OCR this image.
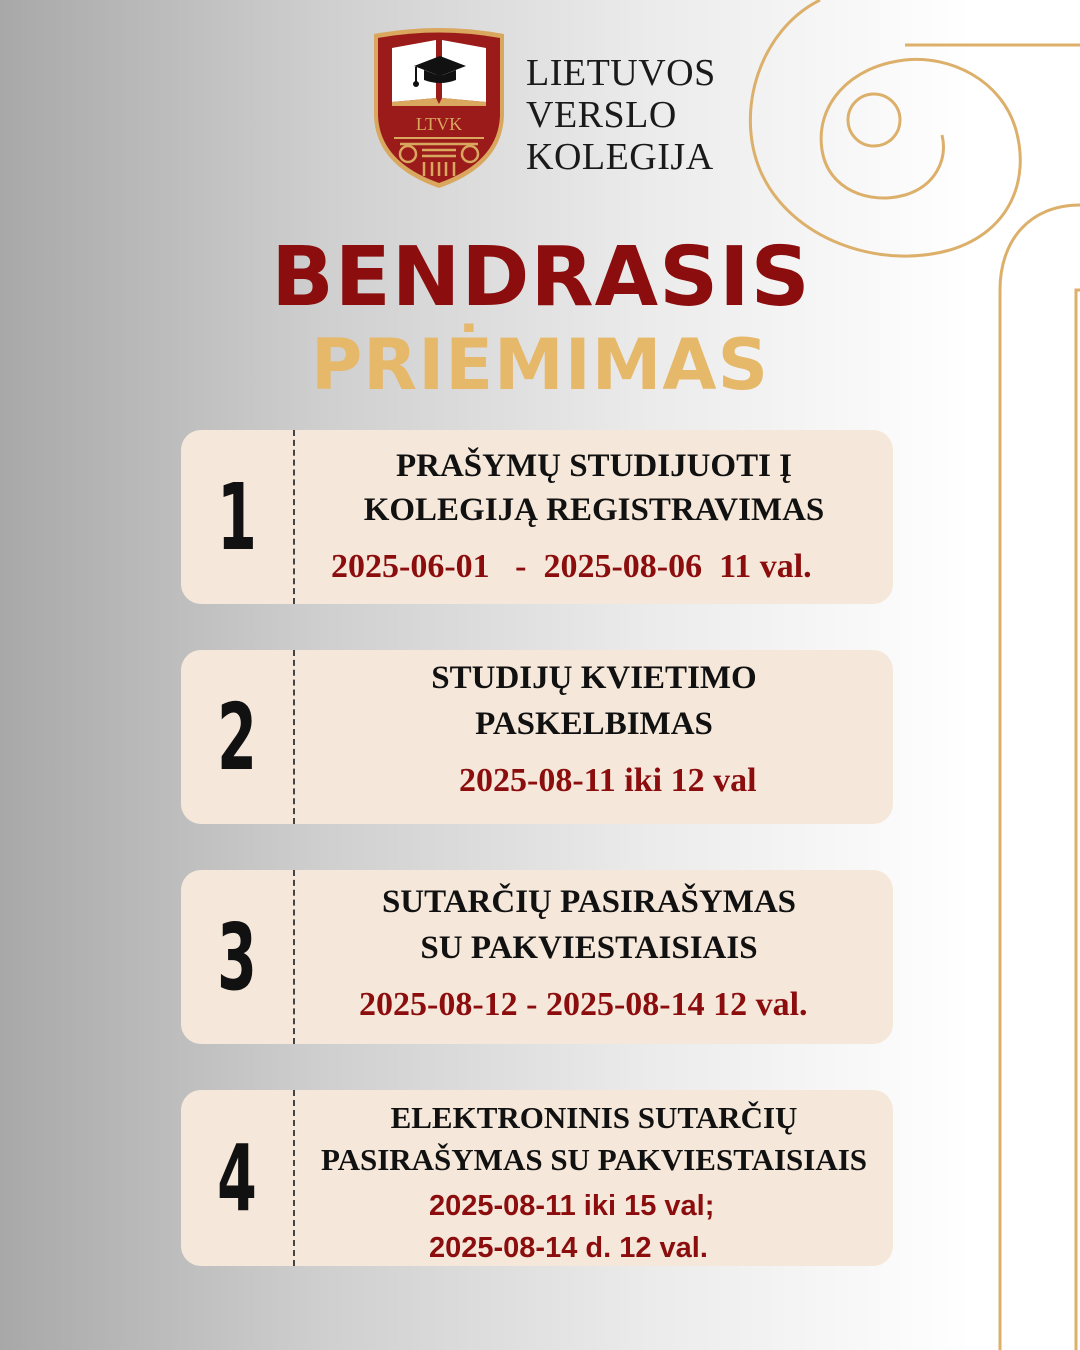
LTVK
LIETUVOS
VERSLO
KOLEGIJA
BENDRASIS
PRIĖMIMAS
1	PRAŠYMŲ STUDIJUOTI Į
KOLEGIJĄ REGISTRAVIMAS
2025-06-01   -  2025-08-06  11 val.
2
STUDIJŲ KVIETIMO
PASKELBIMAS
2025-08-11 iki 12 val
3
SUTARČIŲ PASIRAŠYMAS
SU PAKVIESTAISIAIS
2025-08-12 - 2025-08-14 12 val.
4
ELEKTRONINIS SUTARČIŲ
PASIRAŠYMAS SU PAKVIESTAISIAIS
2025-08-11 iki 15 val;
2025-08-14 d. 12 val.
